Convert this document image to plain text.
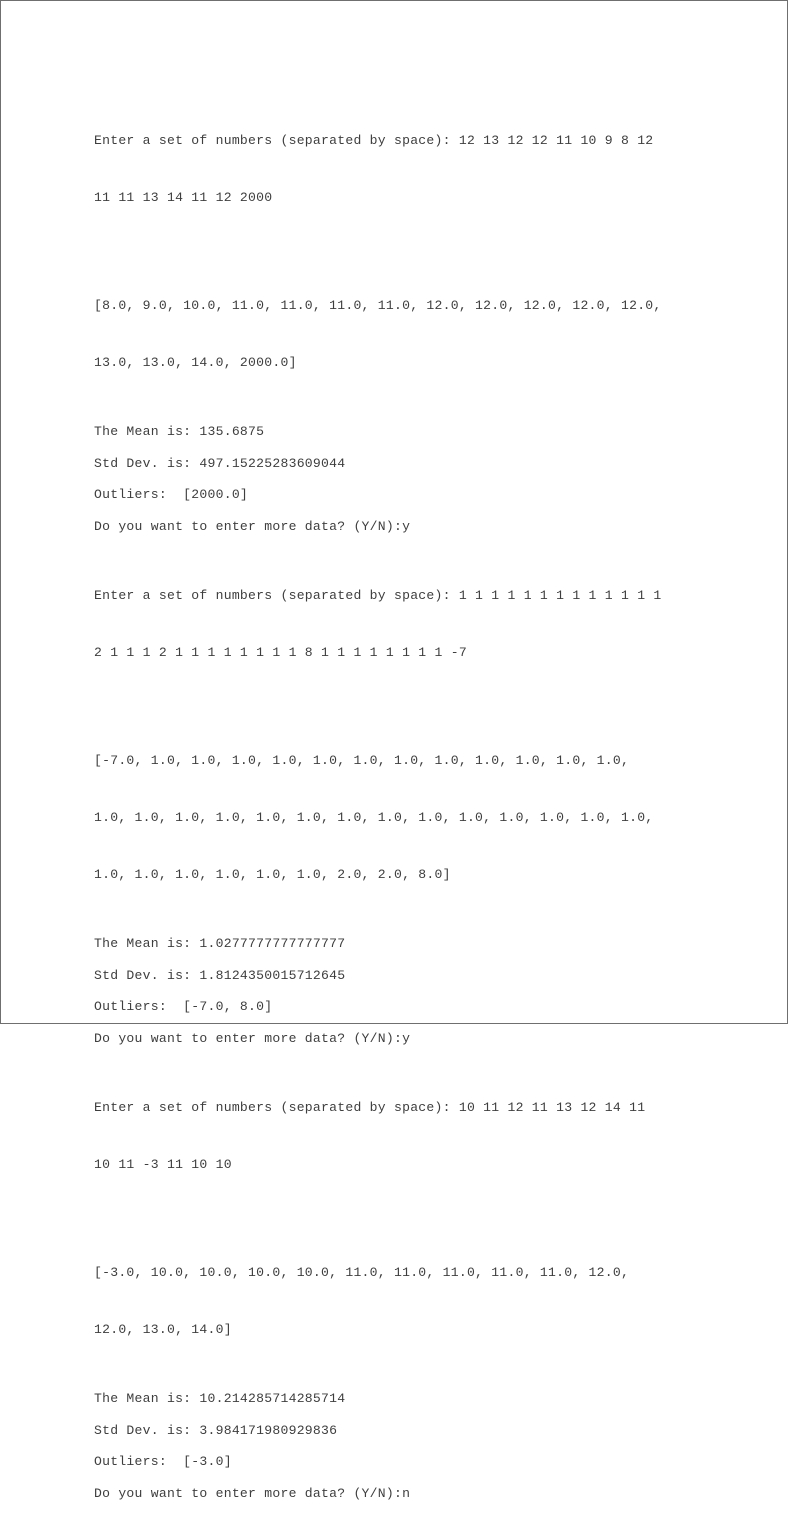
Enter a set of numbers (separated by space): 12 13 12 12 11 10 9 8 12

11 11 13 14 11 12 2000

[8.0, 9.0, 10.0, 11.0, 11.0, 11.0, 11.0, 12.0, 12.0, 12.0, 12.0, 12.0,

13.0, 13.0, 14.0, 2000.0]

The Mean is: 135.6875
Std Dev. is: 497.15225283609044
Outliers:  [2000.0]
Do you want to enter more data? (Y/N):y

Enter a set of numbers (separated by space): 1 1 1 1 1 1 1 1 1 1 1 1 1

2 1 1 1 2 1 1 1 1 1 1 1 1 8 1 1 1 1 1 1 1 1 -7

[-7.0, 1.0, 1.0, 1.0, 1.0, 1.0, 1.0, 1.0, 1.0, 1.0, 1.0, 1.0, 1.0,

1.0, 1.0, 1.0, 1.0, 1.0, 1.0, 1.0, 1.0, 1.0, 1.0, 1.0, 1.0, 1.0, 1.0,

1.0, 1.0, 1.0, 1.0, 1.0, 1.0, 2.0, 2.0, 8.0]

The Mean is: 1.0277777777777777
Std Dev. is: 1.8124350015712645
Outliers:  [-7.0, 8.0]
Do you want to enter more data? (Y/N):y

Enter a set of numbers (separated by space): 10 11 12 11 13 12 14 11

10 11 -3 11 10 10

[-3.0, 10.0, 10.0, 10.0, 10.0, 11.0, 11.0, 11.0, 11.0, 11.0, 12.0,

12.0, 13.0, 14.0]

The Mean is: 10.214285714285714
Std Dev. is: 3.984171980929836
Outliers:  [-3.0]
Do you want to enter more data? (Y/N):n
